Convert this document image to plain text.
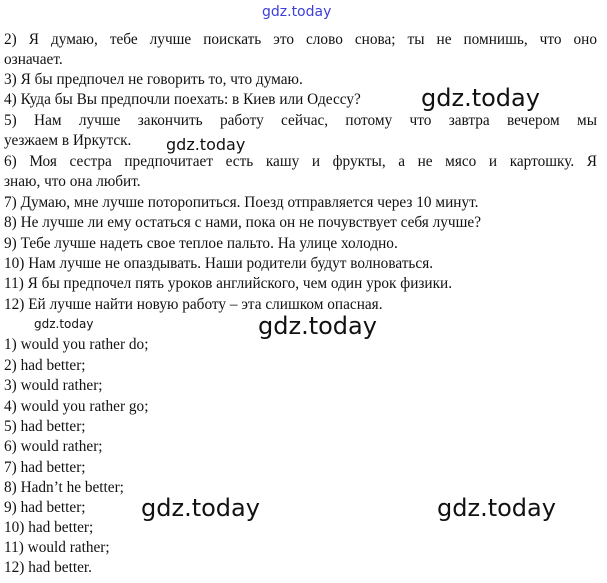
2) Я думаю, тебе лучше поискать это слово снова; ты не помнишь, что оно
означает.
3) Я бы предпочел не говорить то, что думаю.
4) Куда бы Вы предпочли поехать: в Киев или Одессу?
5) Нам лучше закончить работу сейчас, потому что завтра вечером мы
уезжаем в Иркутск.
6) Моя сестра предпочитает есть кашу и фрукты, а не мясо и картошку. Я
знаю, что она любит.
7) Думаю, мне лучше поторопиться. Поезд отправляется через 10 минут.
8) Не лучше ли ему остаться с нами, пока он не почувствует себя лучше?
9) Тебе лучше надеть свое теплое пальто. На улице холодно.
10) Нам лучше не опаздывать. Наши родители будут волноваться.
11) Я бы предпочел пять уроков английского, чем один урок физики.
12) Ей лучше найти новую работу – эта слишком опасная.
1) would you rather do;
2) had better;
3) would rather;
4) would you rather go;
5) had better;
6) would rather;
7) had better;
8) Hadn’t he better;
9) had better;
10) had better;
11) would rather;
12) had better.
gdz.today
gdz.today
gdz.today
gdz.today	gdz.today
gdz.today	gdz.today
